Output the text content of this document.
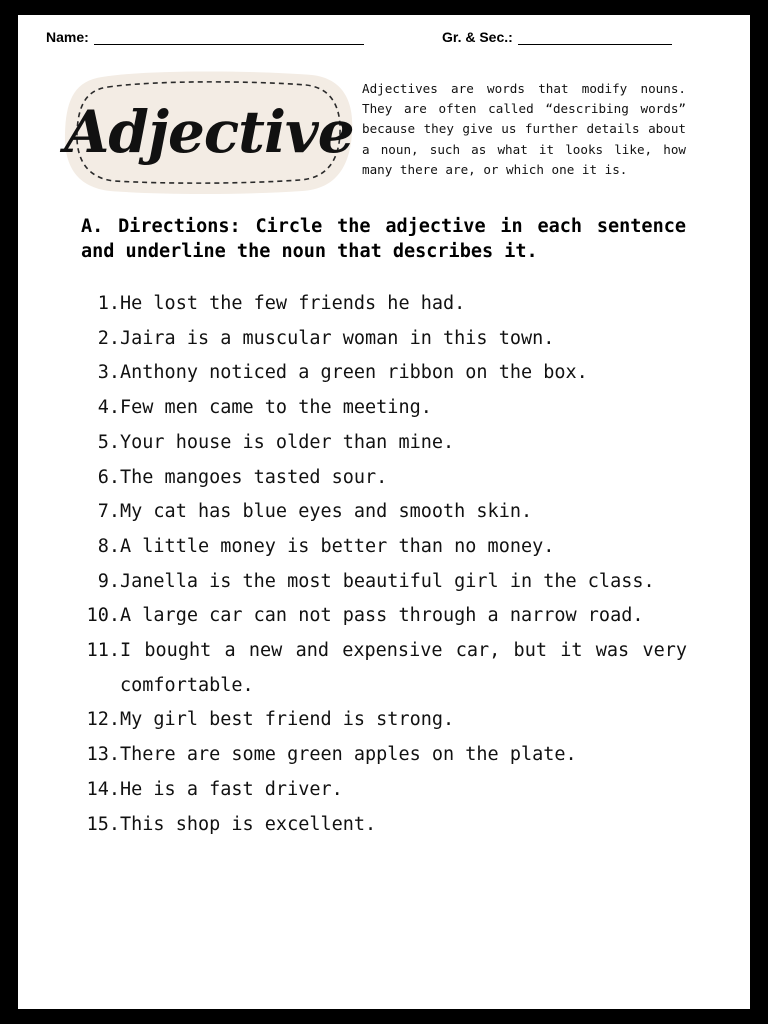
Name:	Gr. & Sec.:
Adjective
Adjectives are words that modify nouns. They are often called “describing words” because they give us further details about a noun, such as what it looks like, how many there are, or which one it is.
A. Directions: Circle the adjective in each sentence and underline the noun that describes it.
1. He lost the few friends he had.
2. Jaira is a muscular woman in this town.
3. Anthony noticed a green ribbon on the box.
4. Few men came to the meeting.
5. Your house is older than mine.
6. The mangoes tasted sour.
7. My cat has blue eyes and smooth skin.
8. A little money is better than no money.
9. Janella is the most beautiful girl in the class.
10. A large car can not pass through a narrow road.
11. I bought a new and expensive car, but it was very comfortable.
12. My girl best friend is strong.
13. There are some green apples on the plate.
14. He is a fast driver.
15. This shop is excellent.
